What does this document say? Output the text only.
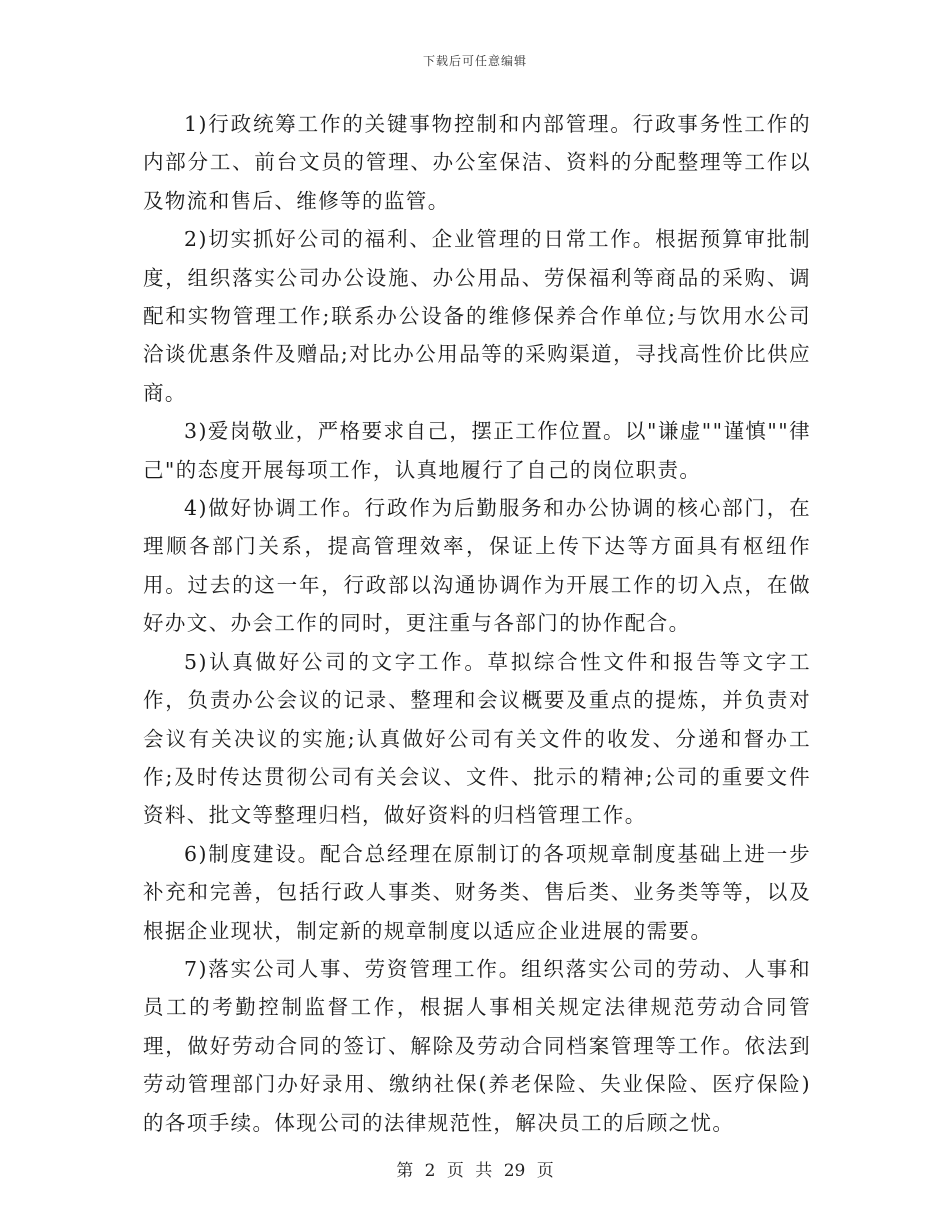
下载后可任意编辑

1)行政统筹工作的关键事物控制和内部管理。行政事务性工作的内部分工、前台文员的管理、办公室保洁、资料的分配整理等工作以及物流和售后、维修等的监管。

2)切实抓好公司的福利、企业管理的日常工作。根据预算审批制度，组织落实公司办公设施、办公用品、劳保福利等商品的采购、调配和实物管理工作;联系办公设备的维修保养合作单位;与饮用水公司洽谈优惠条件及赠品;对比办公用品等的采购渠道，寻找高性价比供应商。

3)爱岗敬业，严格要求自己，摆正工作位置。以"谦虚""谨慎""律己"的态度开展每项工作，认真地履行了自己的岗位职责。

4)做好协调工作。行政作为后勤服务和办公协调的核心部门，在理顺各部门关系，提高管理效率，保证上传下达等方面具有枢纽作用。过去的这一年，行政部以沟通协调作为开展工作的切入点，在做好办文、办会工作的同时，更注重与各部门的协作配合。

5)认真做好公司的文字工作。草拟综合性文件和报告等文字工作，负责办公会议的记录、整理和会议概要及重点的提炼，并负责对会议有关决议的实施;认真做好公司有关文件的收发、分递和督办工作;及时传达贯彻公司有关会议、文件、批示的精神;公司的重要文件资料、批文等整理归档，做好资料的归档管理工作。

6)制度建设。配合总经理在原制订的各项规章制度基础上进一步补充和完善，包括行政人事类、财务类、售后类、业务类等等，以及根据企业现状，制定新的规章制度以适应企业进展的需要。

7)落实公司人事、劳资管理工作。组织落实公司的劳动、人事和员工的考勤控制监督工作，根据人事相关规定法律规范劳动合同管理，做好劳动合同的签订、解除及劳动合同档案管理等工作。依法到劳动管理部门办好录用、缴纳社保(养老保险、失业保险、医疗保险)的各项手续。体现公司的法律规范性，解决员工的后顾之忧。

第 2 页 共 29 页
